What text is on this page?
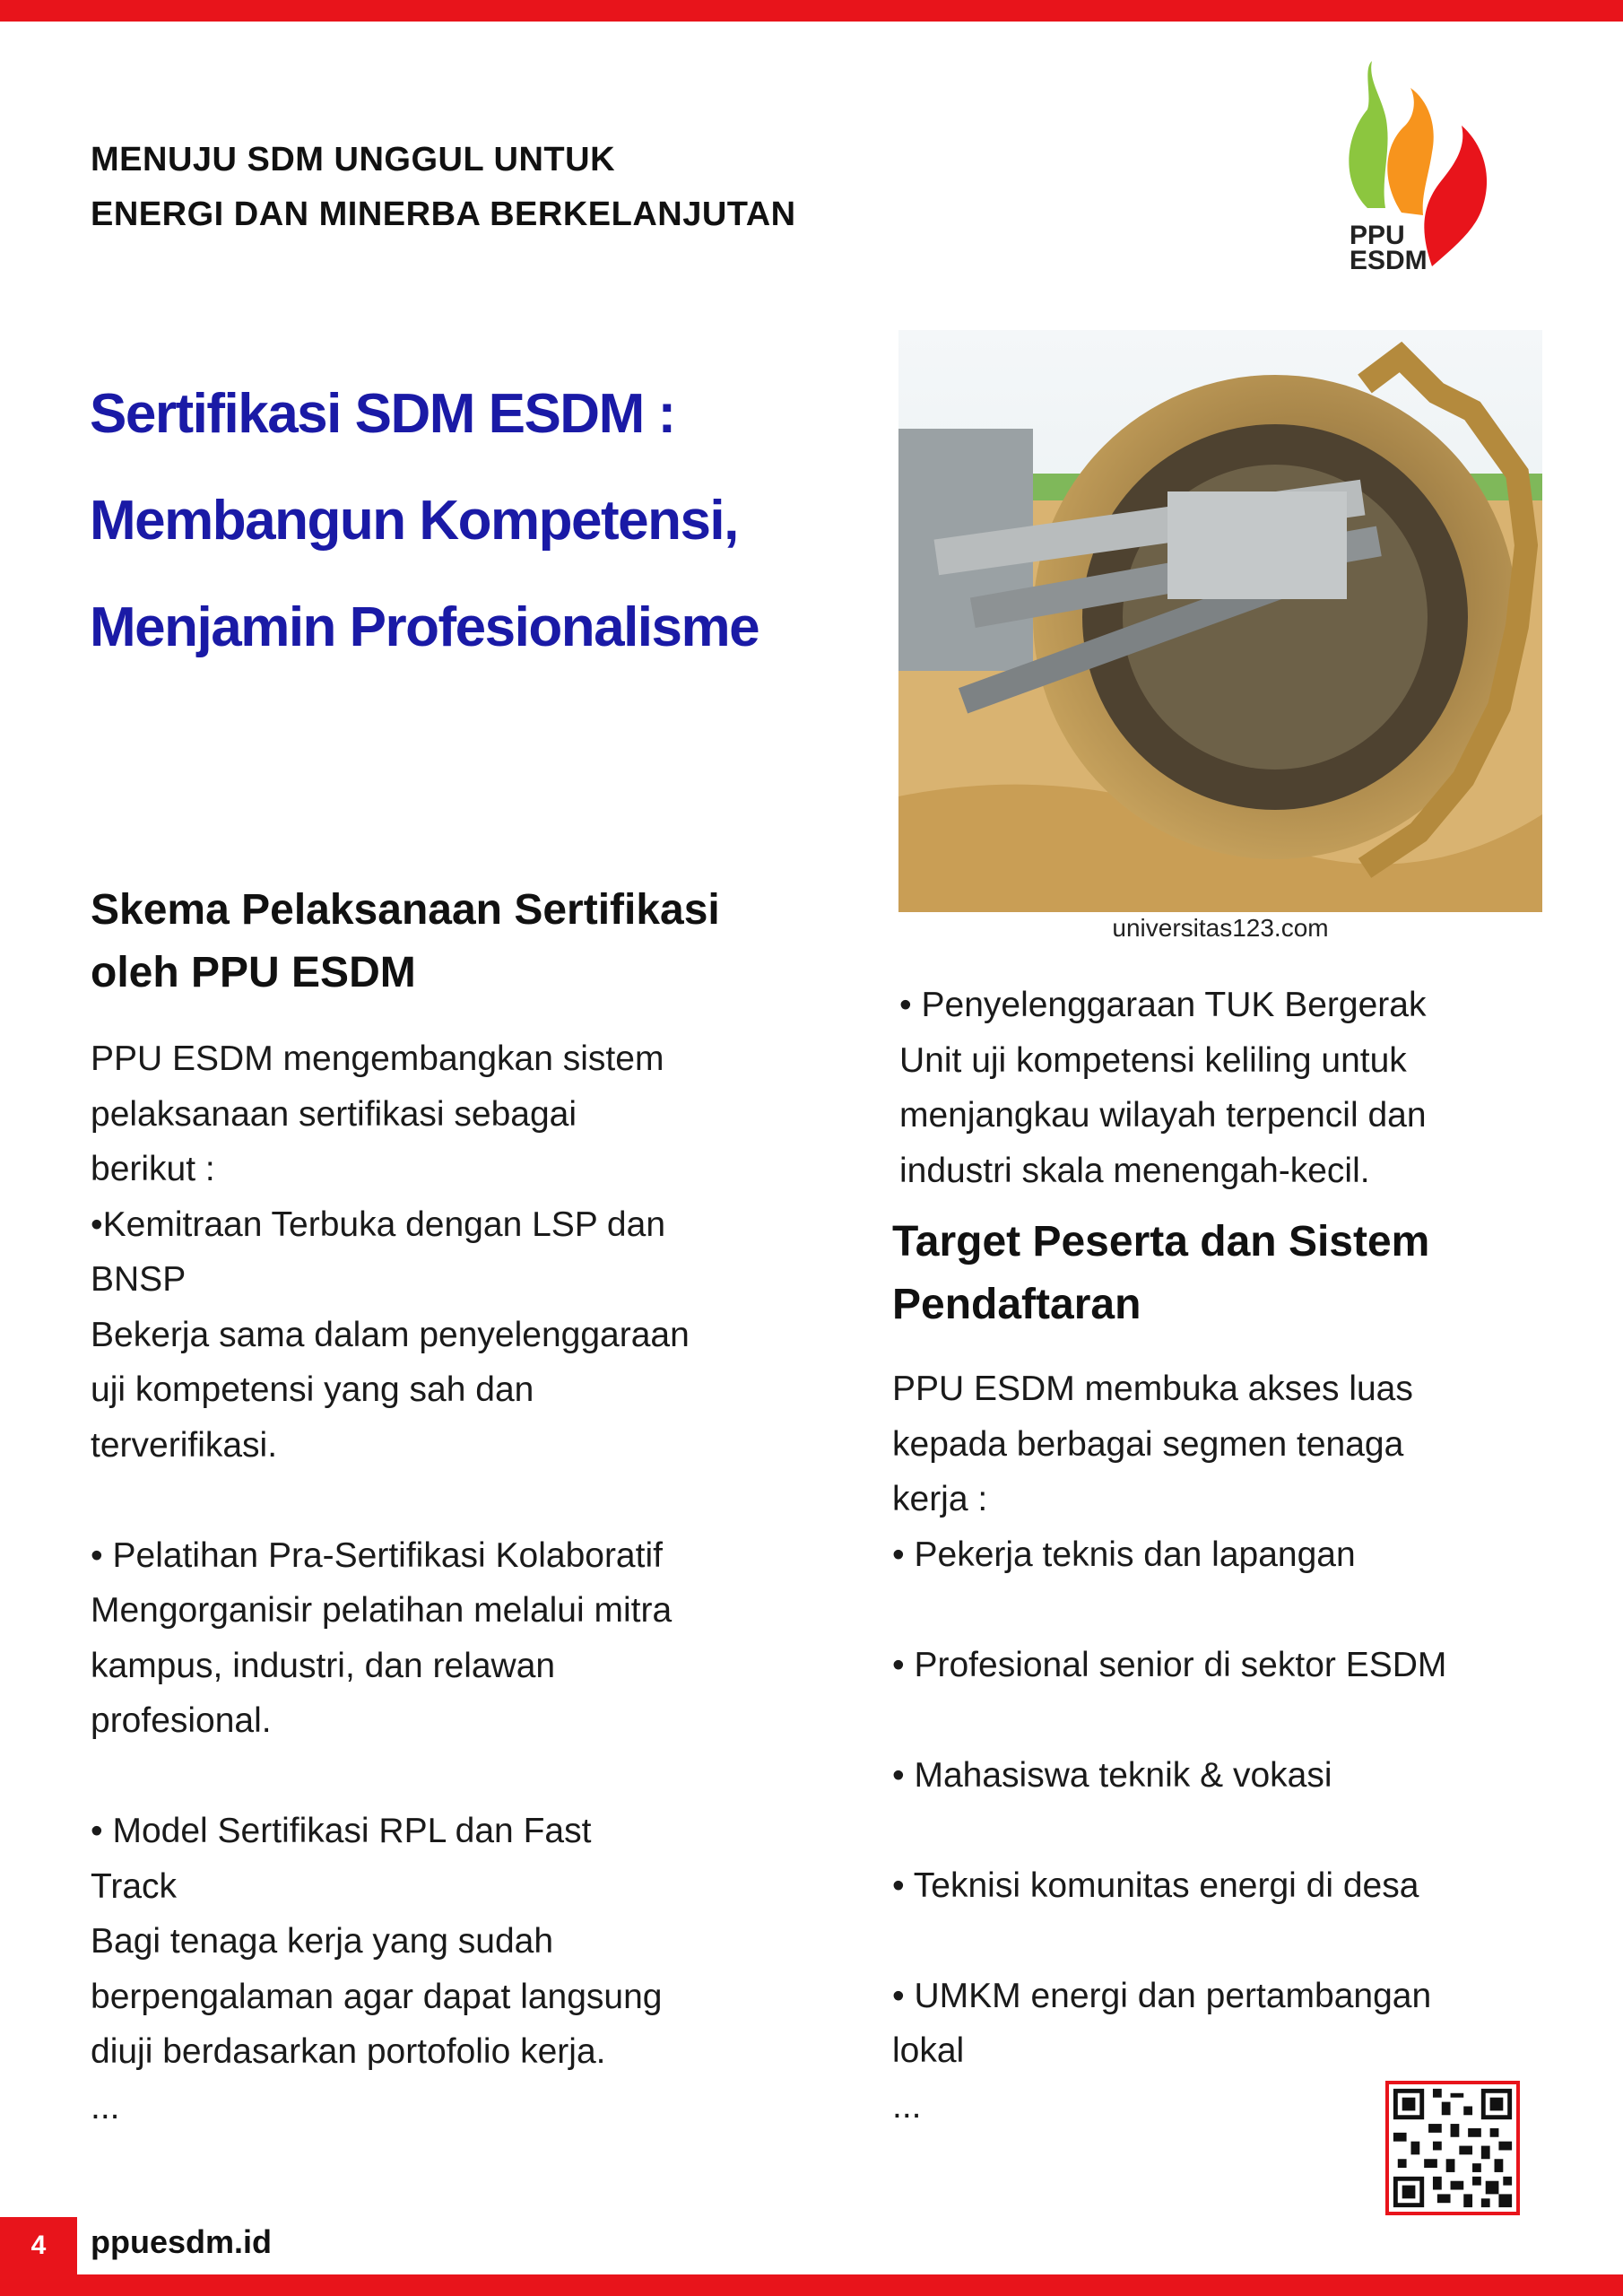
MENUJU SDM UNGGUL UNTUK
ENERGI DAN MINERBA BERKELANJUTAN
PPU
ESDM
Sertifikasi SDM ESDM :
Membangun Kompetensi,
Menjamin Profesionalisme
universitas123.com
Skema Pelaksanaan Sertifikasi
oleh PPU ESDM
PPU ESDM mengembangkan sistem
pelaksanaan sertifikasi sebagai
berikut :
•Kemitraan Terbuka dengan LSP dan
BNSP
Bekerja sama dalam penyelenggaraan
uji kompetensi yang sah dan
terverifikasi.

• Pelatihan Pra-Sertifikasi Kolaboratif
Mengorganisir pelatihan melalui mitra
kampus, industri, dan relawan
profesional.

• Model Sertifikasi RPL dan Fast
Track
Bagi tenaga kerja yang sudah
berpengalaman agar dapat langsung
diuji berdasarkan portofolio kerja.
...
• Penyelenggaraan TUK Bergerak
Unit uji kompetensi keliling untuk
menjangkau wilayah terpencil dan
industri skala menengah-kecil.
Target Peserta dan Sistem
Pendaftaran
PPU ESDM membuka akses luas
kepada berbagai segmen tenaga
kerja :
• Pekerja teknis dan lapangan

• Profesional senior di sektor ESDM

• Mahasiswa teknik & vokasi

• Teknisi komunitas energi di desa

• UMKM energi dan pertambangan
lokal
...
4	ppuesdm.id
